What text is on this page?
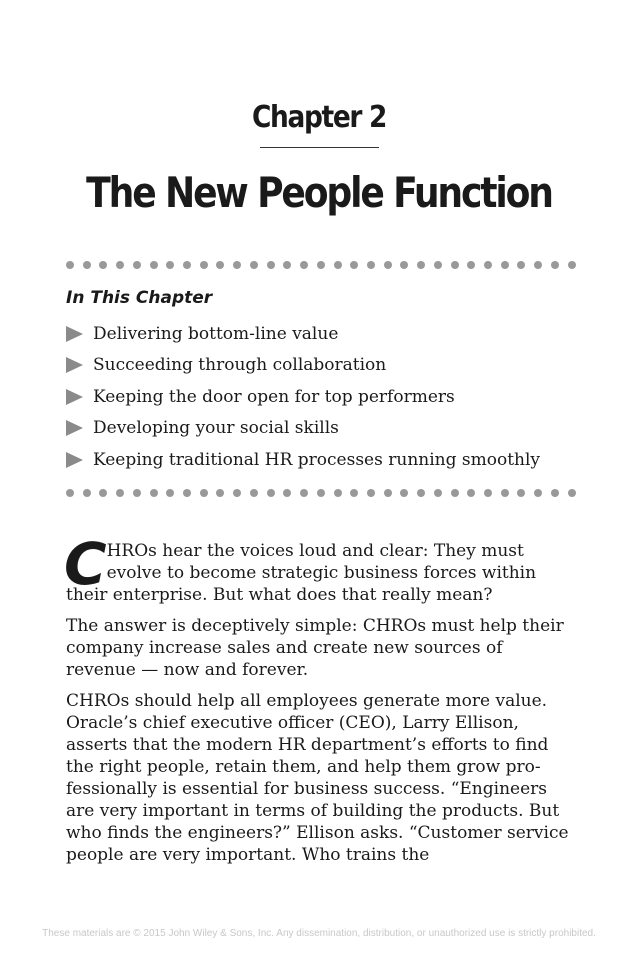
Chapter 2
The New People Function
In This Chapter
Delivering bottom-line value
Succeeding through collaboration
Keeping the door open for top performers
Developing your social skills
Keeping traditional HR processes running smoothly

C HROs hear the voices loud and clear: They must evolve to become strategic business forces within their enterprise. But what does that really mean?

The answer is deceptively simple: CHROs must help their company increase sales and create new sources of revenue — now and forever.

CHROs should help all employees generate more value. Oracle’s chief executive officer (CEO), Larry Ellison, asserts that the modern HR department’s efforts to find the right people, retain them, and help them grow pro-fessionally is essential for business success. “Engineers are very important in terms of building the products. But who finds the engineers?” Ellison asks. “Customer service people are very important. Who trains the

These materials are © 2015 John Wiley & Sons, Inc. Any dissemination, distribution, or unauthorized use is strictly prohibited.
